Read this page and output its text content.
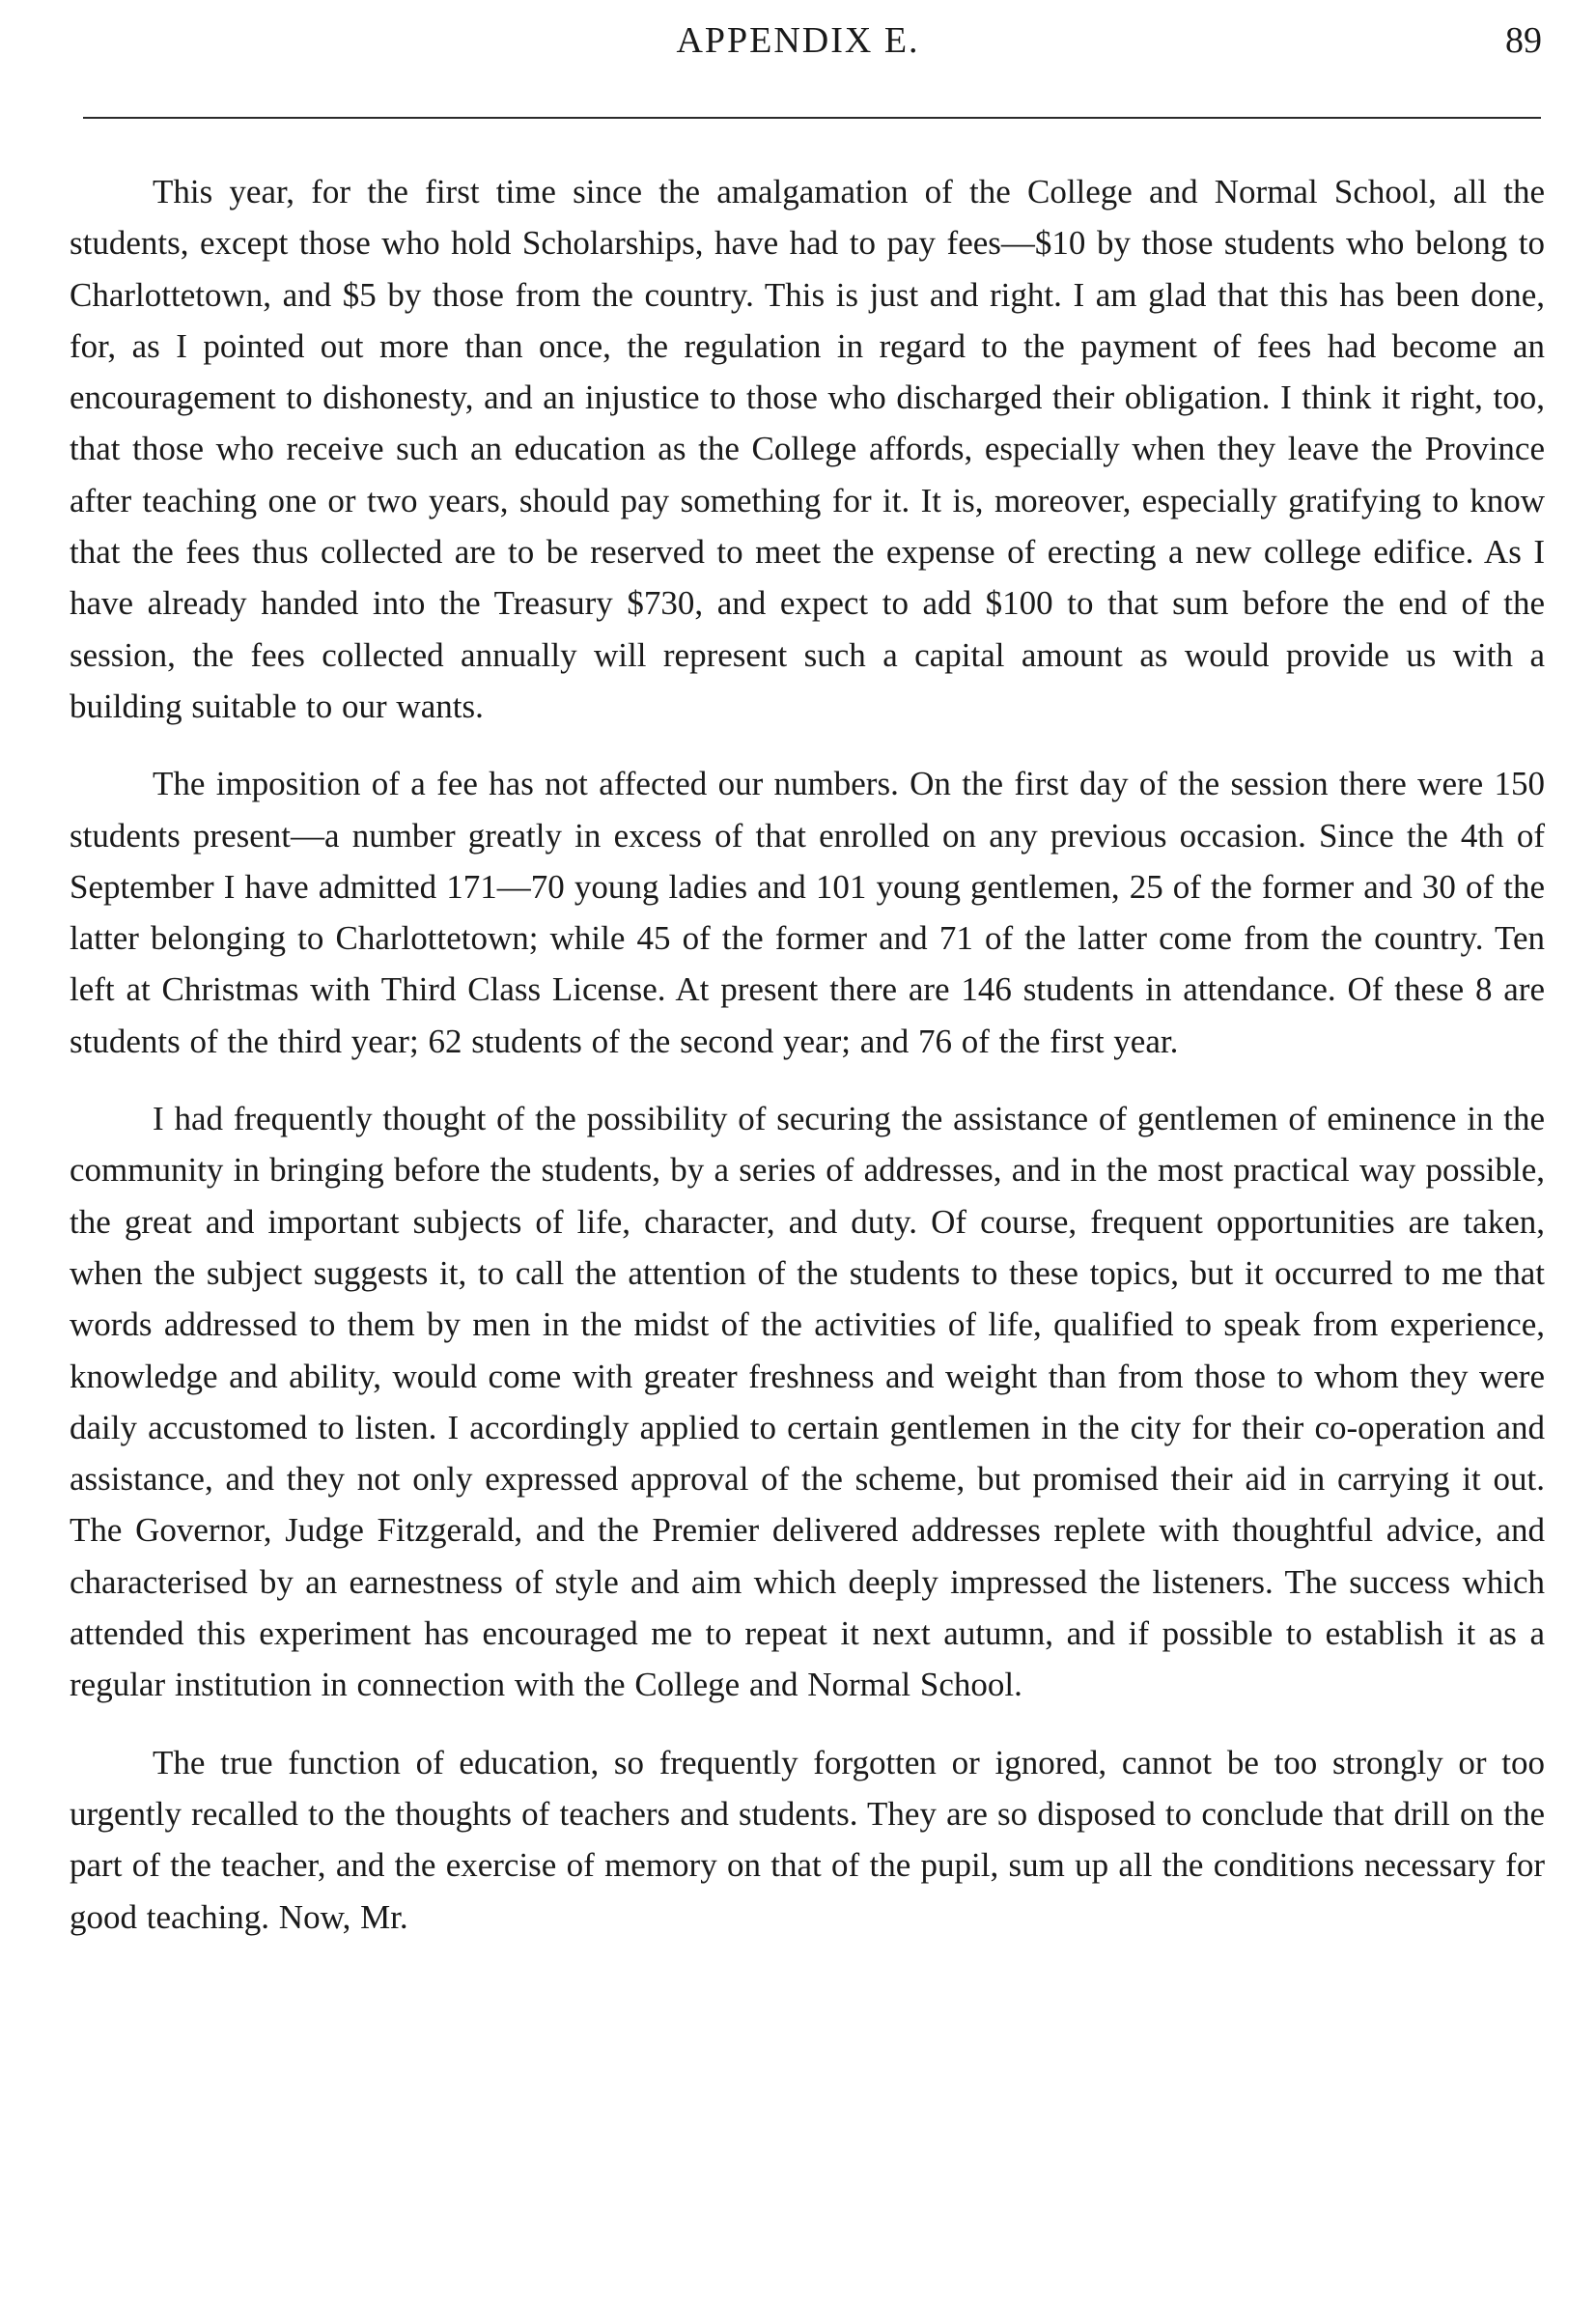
APPENDIX E.	89

This year, for the first time since the amalgamation of the College and Normal School, all the students, except those who hold Scholarships, have had to pay fees—$10 by those students who belong to Charlottetown, and $5 by those from the country. This is just and right. I am glad that this has been done, for, as I pointed out more than once, the regulation in regard to the payment of fees had become an encouragement to dishonesty, and an injustice to those who discharged their obligation. I think it right, too, that those who receive such an education as the College affords, especially when they leave the Province after teaching one or two years, should pay something for it. It is, moreover, especially gratifying to know that the fees thus collected are to be reserved to meet the expense of erecting a new college edifice. As I have already handed into the Treasury $730, and expect to add $100 to that sum before the end of the session, the fees collected annually will represent such a capital amount as would provide us with a building suitable to our wants.

The imposition of a fee has not affected our numbers. On the first day of the session there were 150 students present—a number greatly in excess of that enrolled on any previous occasion. Since the 4th of September I have admitted 171—70 young ladies and 101 young gentlemen, 25 of the former and 30 of the latter belonging to Charlottetown; while 45 of the former and 71 of the latter come from the country. Ten left at Christmas with Third Class License. At present there are 146 students in attendance. Of these 8 are students of the third year; 62 students of the second year; and 76 of the first year.

I had frequently thought of the possibility of securing the assistance of gentlemen of eminence in the community in bringing before the students, by a series of addresses, and in the most practical way possible, the great and important subjects of life, character, and duty. Of course, frequent opportunities are taken, when the subject suggests it, to call the attention of the students to these topics, but it occurred to me that words addressed to them by men in the midst of the activities of life, qualified to speak from experience, knowledge and ability, would come with greater freshness and weight than from those to whom they were daily accustomed to listen. I accordingly applied to certain gentlemen in the city for their co-operation and assistance, and they not only expressed approval of the scheme, but promised their aid in carrying it out. The Governor, Judge Fitzgerald, and the Premier delivered addresses replete with thoughtful advice, and characterised by an earnestness of style and aim which deeply impressed the listeners. The success which attended this experiment has encouraged me to repeat it next autumn, and if possible to establish it as a regular institution in connection with the College and Normal School.

The true function of education, so frequently forgotten or ignored, cannot be too strongly or too urgently recalled to the thoughts of teachers and students. They are so disposed to conclude that drill on the part of the teacher, and the exercise of memory on that of the pupil, sum up all the conditions necessary for good teaching. Now, Mr.
